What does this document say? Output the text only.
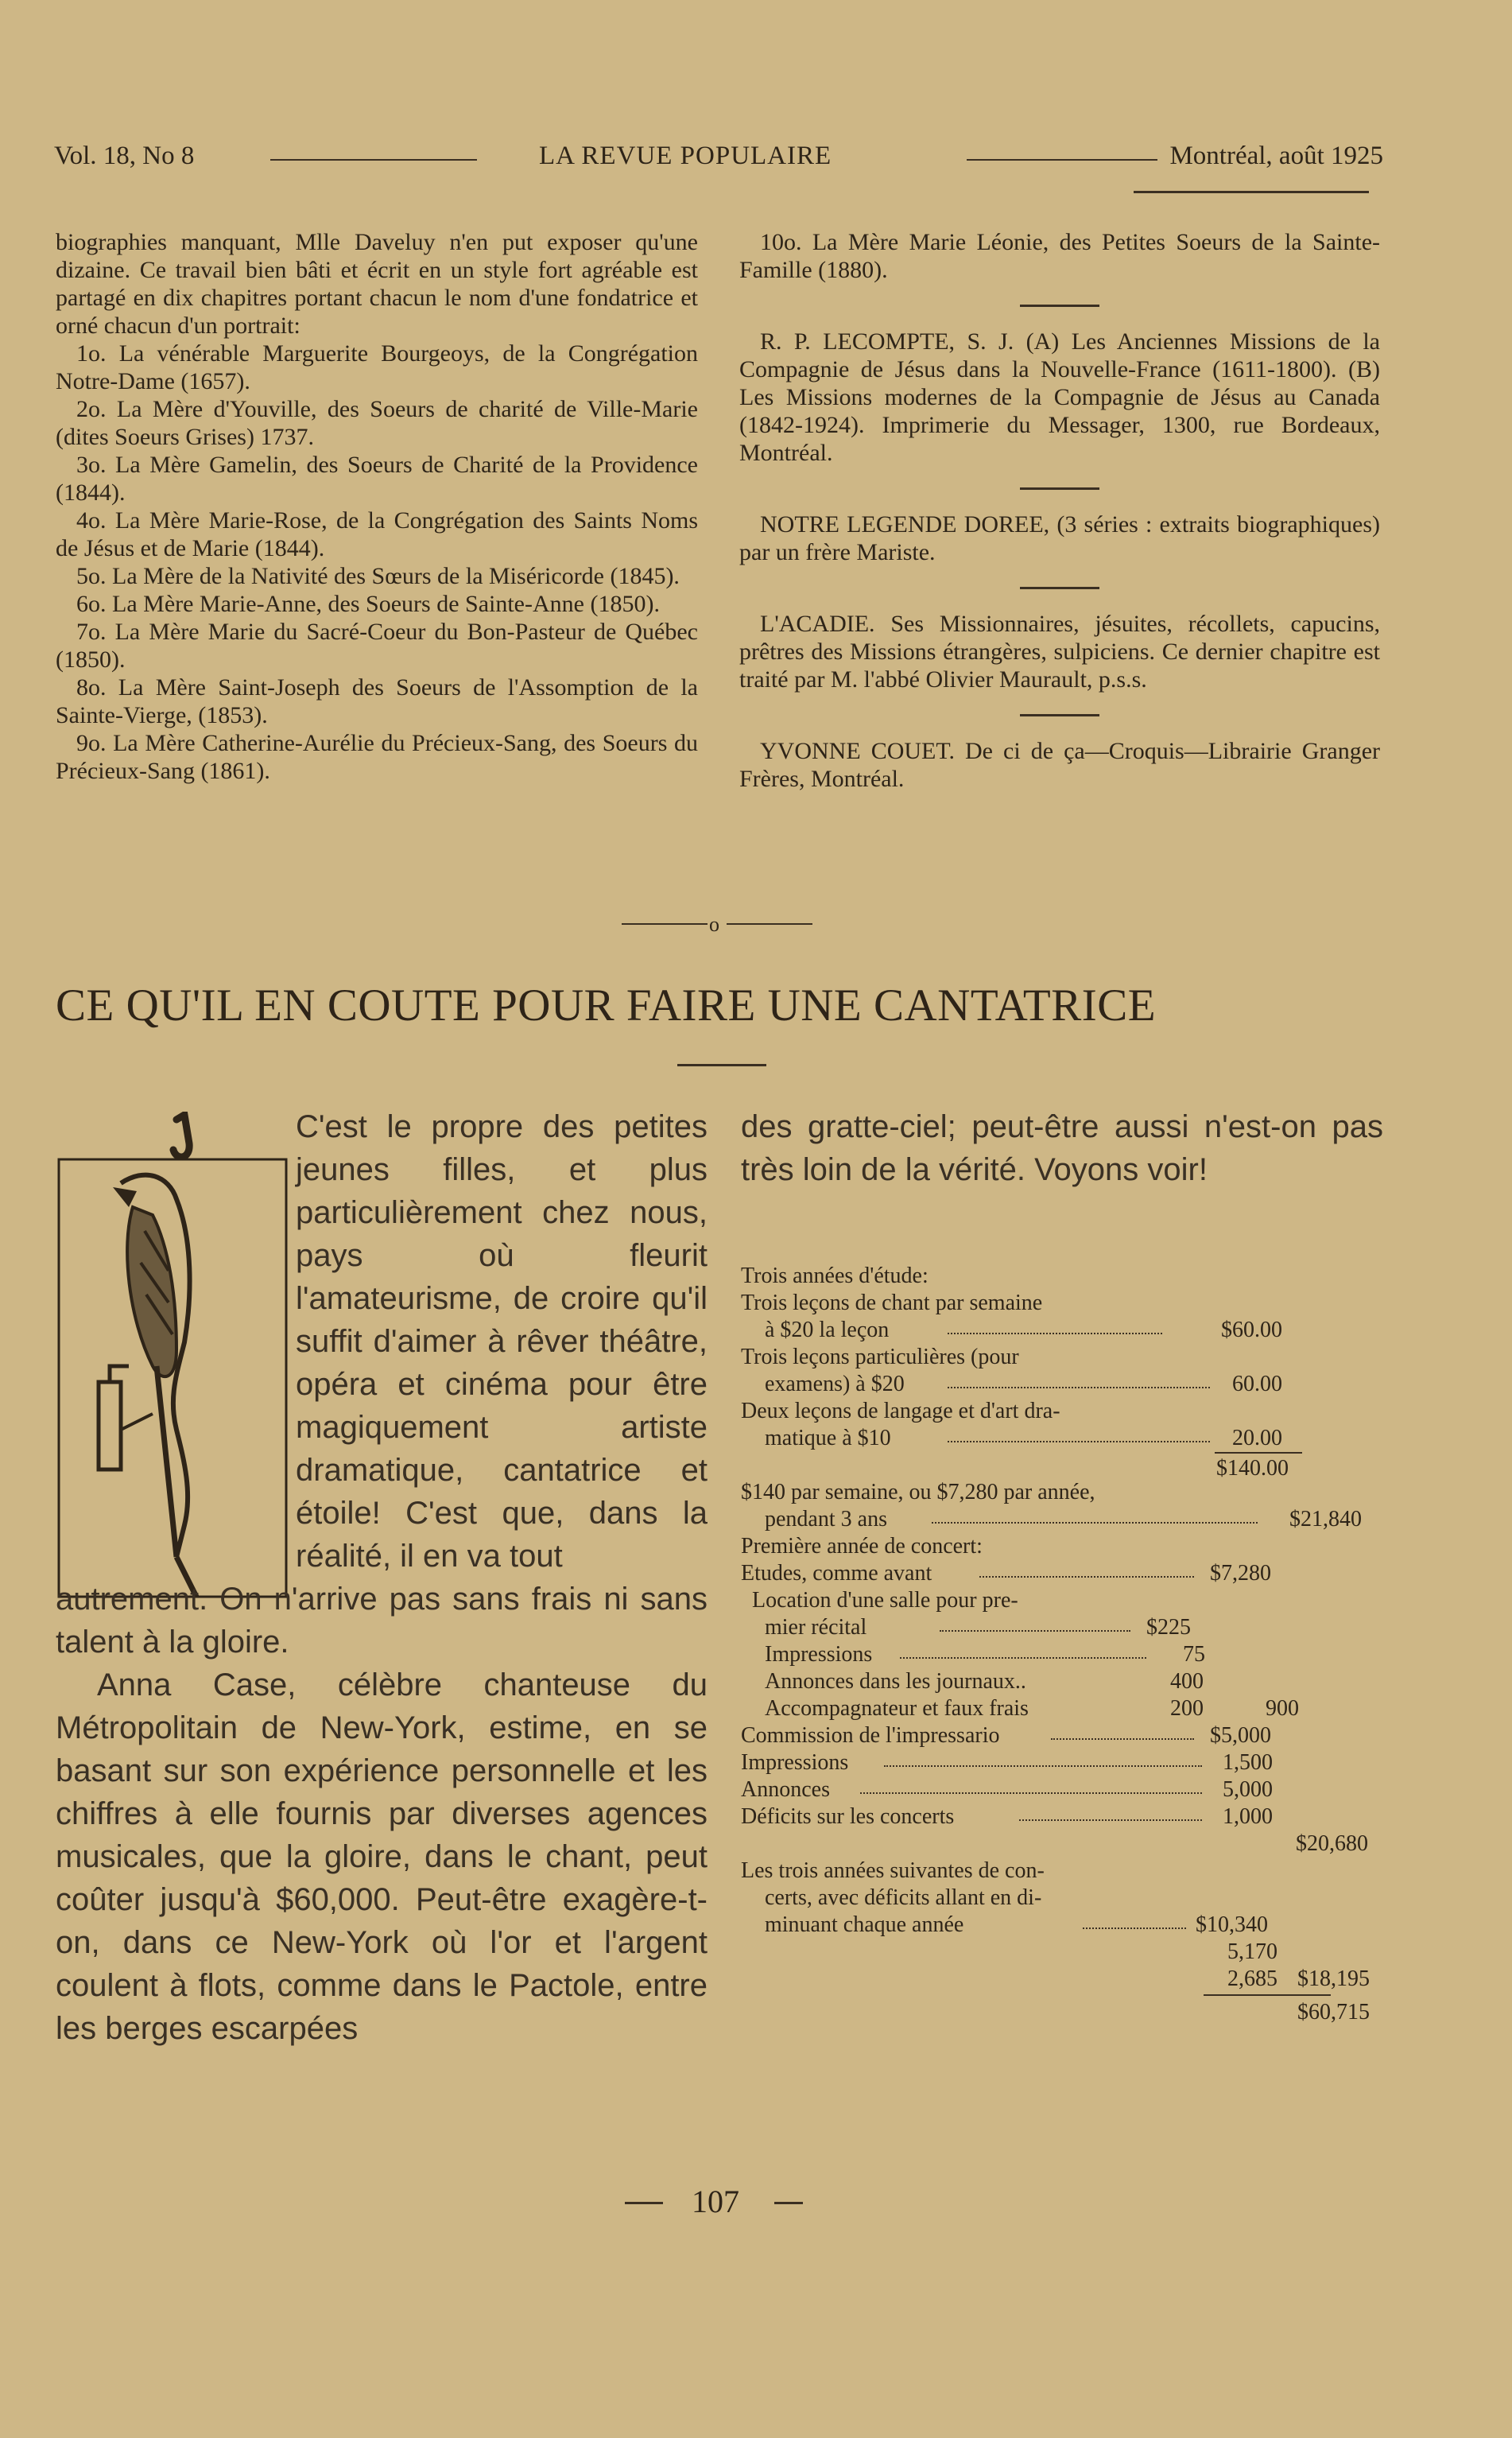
Vol. 18, No 8	LA REVUE POPULAIRE	Montréal, août 1925

biographies manquant, Mlle Daveluy n'en put exposer qu'une dizaine. Ce travail bien bâti et écrit en un style fort agréable est partagé en dix chapitres portant chacun le nom d'une fondatrice et orné chacun d'un portrait:

1o. La vénérable Marguerite Bourgeoys, de la Congrégation Notre-Dame (1657).

2o. La Mère d'Youville, des Soeurs de charité de Ville-Marie (dites Soeurs Grises) 1737.

3o. La Mère Gamelin, des Soeurs de Charité de la Providence (1844).

4o. La Mère Marie-Rose, de la Congrégation des Saints Noms de Jésus et de Marie (1844).

5o. La Mère de la Nativité des Sœurs de la Miséricorde (1845).

6o. La Mère Marie-Anne, des Soeurs de Sainte-Anne (1850).

7o. La Mère Marie du Sacré-Coeur du Bon-Pasteur de Québec (1850).

8o. La Mère Saint-Joseph des Soeurs de l'Assomption de la Sainte-Vierge, (1853).

9o. La Mère Catherine-Aurélie du Précieux-Sang, des Soeurs du Précieux-Sang (1861).

10o. La Mère Marie Léonie, des Petites Soeurs de la Sainte-Famille (1880).

R. P. LECOMPTE, S. J. (A) Les Anciennes Missions de la Compagnie de Jésus dans la Nouvelle-France (1611-1800). (B) Les Missions modernes de la Compagnie de Jésus au Canada (1842-1924). Imprimerie du Messager, 1300, rue Bordeaux, Montréal.

NOTRE LEGENDE DOREE, (3 séries : extraits biographiques) par un frère Mariste.

L'ACADIE. Ses Missionnaires, jésuites, récollets, capucins, prêtres des Missions étrangères, sulpiciens. Ce dernier chapitre est traité par M. l'abbé Olivier Maurault, p.s.s.

YVONNE COUET. De ci de ça—Croquis—Librairie Granger Frères, Montréal.

o
CE QU'IL EN COUTE POUR FAIRE UNE CANTATRICE

C'est le propre des petites jeunes filles, et plus particulièrement chez nous, pays où fleurit l'amateurisme, de croire qu'il suffit d'aimer à rêver théâtre, opéra et cinéma pour être magiquement artiste dramatique, cantatrice et étoile! C'est que, dans la réalité, il en va tout

autrement. On n'arrive pas sans frais ni sans talent à la gloire.

Anna Case, célèbre chanteuse du Métropolitain de New-York, estime, en se basant sur son expérience personnelle et les chiffres à elle fournis par diverses agences musicales, que la gloire, dans le chant, peut coûter jusqu'à $60,000. Peut-être exagère-t-on, dans ce New-York où l'or et l'argent coulent à flots, comme dans le Pactole, entre les berges escarpées

des gratte-ciel; peut-être aussi n'est-on pas très loin de la vérité. Voyons voir!

Trois années d'étude:
Trois leçons de chant par semaine
à $20 la leçon	$60.00
Trois leçons particulières (pour
examens) à $20	60.00
Deux leçons de langage et d'art dra-
matique à $10	20.00
$140.00
$140 par semaine, ou $7,280 par année,
pendant 3 ans	$21,840
Première année de concert:
Etudes, comme avant	$7,280
Location d'une salle pour pre-
mier récital	$225
Impressions	75
Annonces dans les journaux..	400
Accompagnateur et faux frais	200	900
Commission de l'impressario	$5,000
Impressions	1,500
Annonces	5,000
Déficits sur les concerts	1,000
$20,680
Les trois années suivantes de con-
certs, avec déficits allant en di-
minuant chaque année	$10,340
5,170
2,685 $18,195
$60,715
107
